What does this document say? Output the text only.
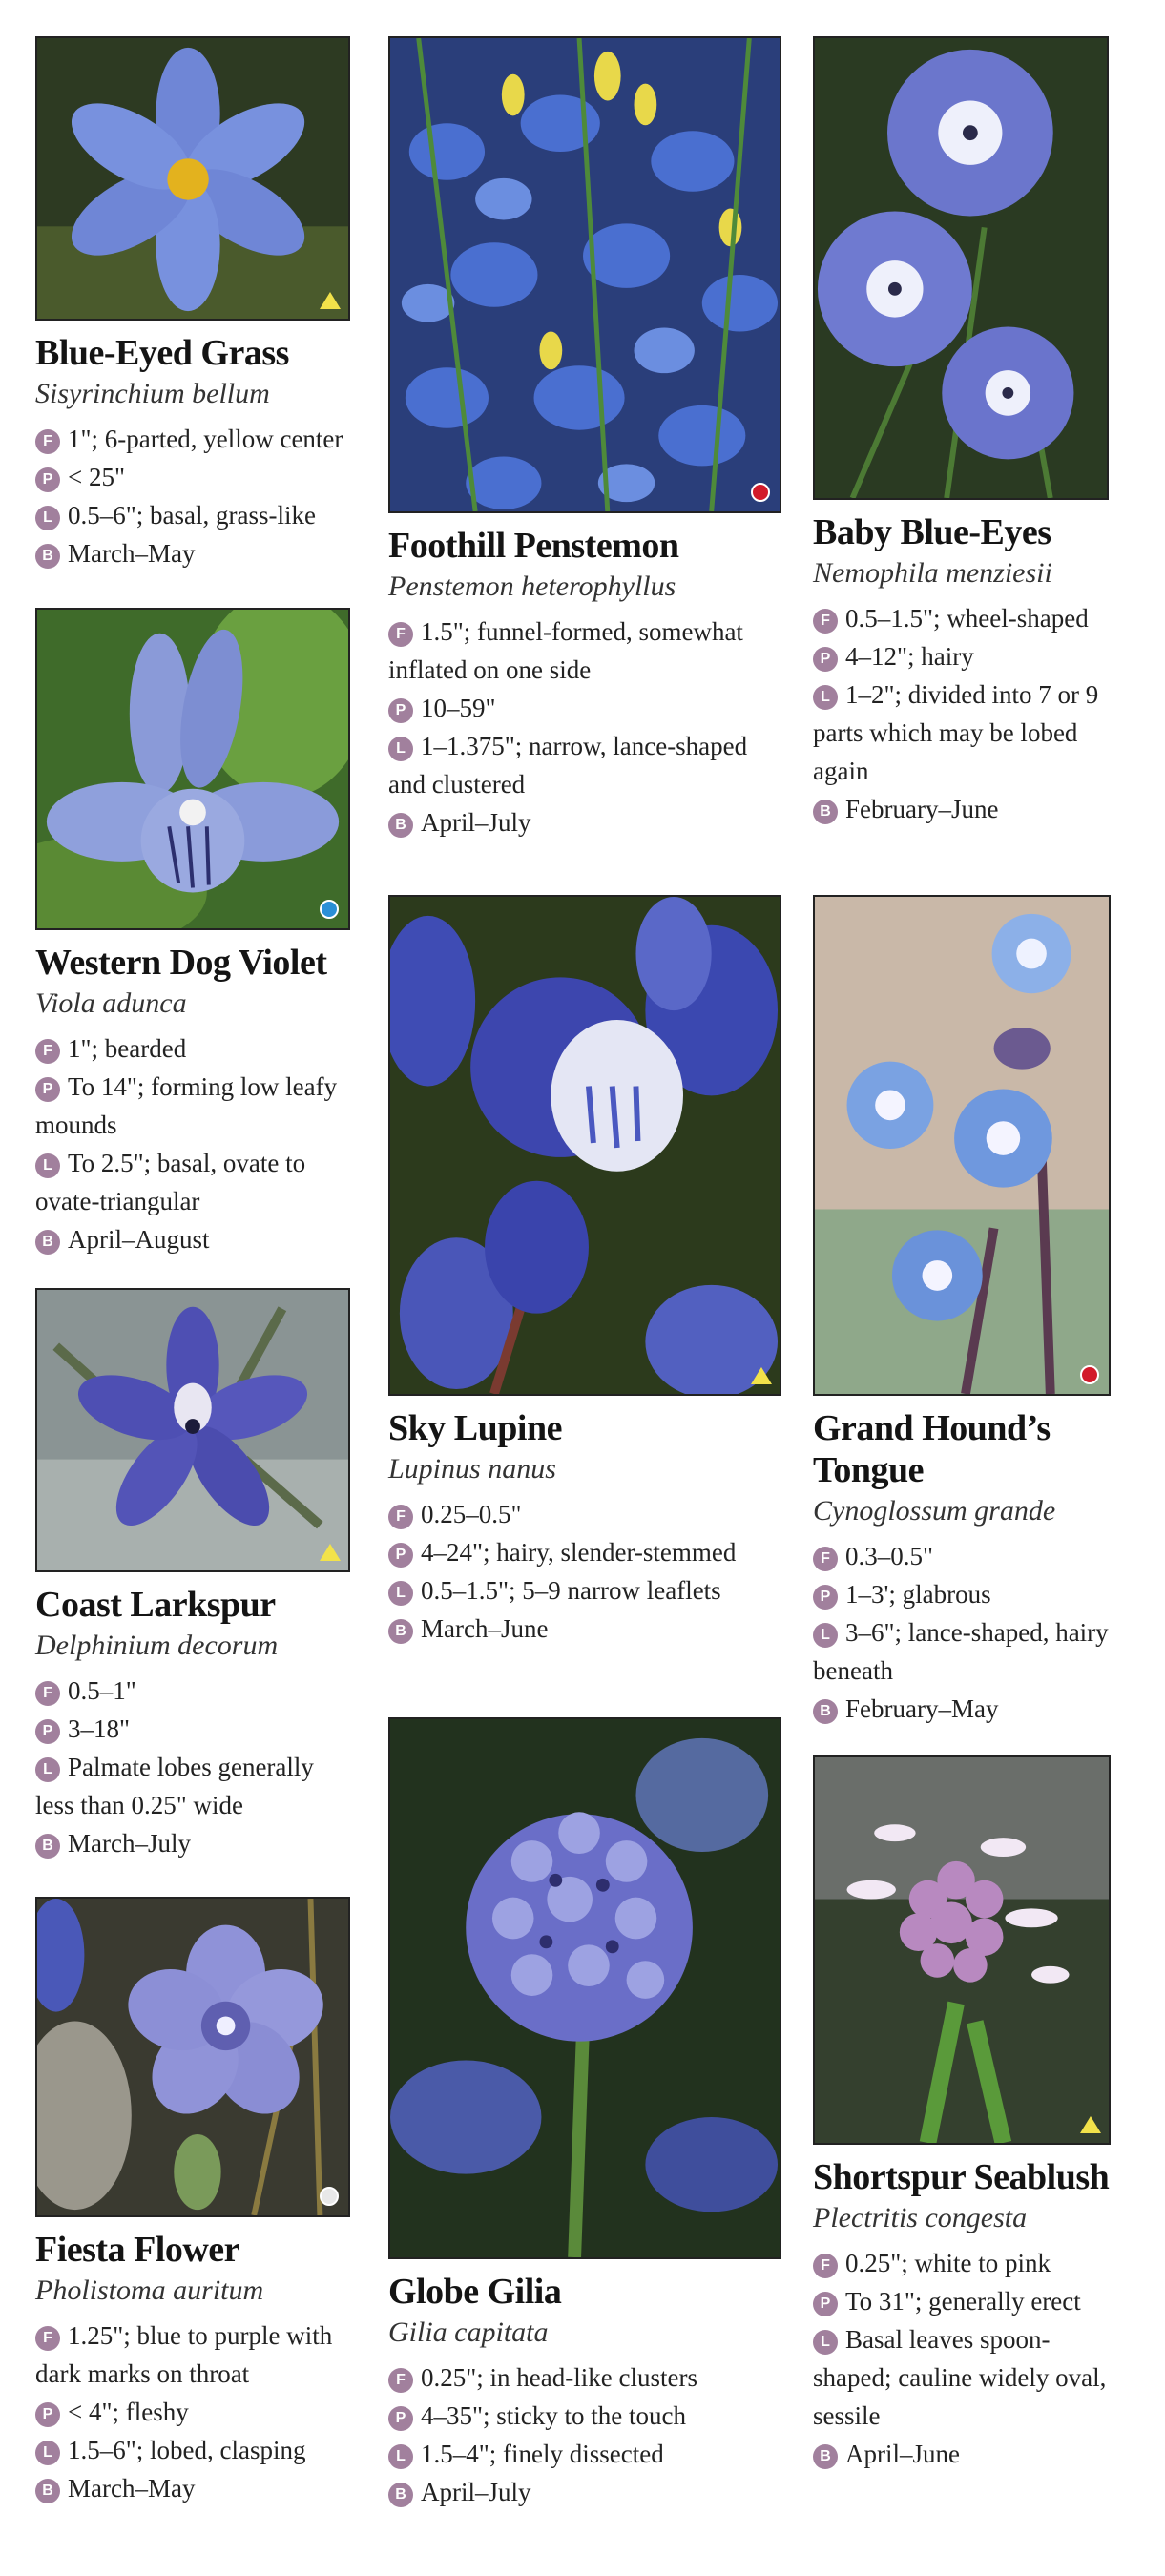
Blue-Eyed Grass
Sisyrinchium bellum
F 1"; 6-parted, yellow center
P < 25"
L 0.5–6"; basal, grass-like
B March–May
Western Dog Violet
Viola adunca
F 1"; bearded
P To 14"; forming low leafy mounds
L To 2.5"; basal, ovate to ovate-triangular
B April–August
Coast Larkspur
Delphinium decorum
F 0.5–1"
P 3–18"
L Palmate lobes generally less than 0.25" wide
B March–July
Fiesta Flower
Pholistoma auritum
F 1.25"; blue to purple with dark marks on throat
P < 4"; fleshy
L 1.5–6"; lobed, clasping
B March–May
Foothill Penstemon
Penstemon heterophyllus
F 1.5"; funnel-formed, somewhat inflated on one side
P 10–59"
L 1–1.375"; narrow, lance-shaped and clustered
B April–July
Sky Lupine
Lupinus nanus
F 0.25–0.5"
P 4–24"; hairy, slender-stemmed
L 0.5–1.5"; 5–9 narrow leaflets
B March–June
Globe Gilia
Gilia capitata
F 0.25"; in head-like clusters
P 4–35"; sticky to the touch
L 1.5–4"; finely dissected
B April–July
Baby Blue-Eyes
Nemophila menziesii
F 0.5–1.5"; wheel-shaped
P 4–12"; hairy
L 1–2"; divided into 7 or 9 parts which may be lobed again
B February–June
Grand Hound’s Tongue
Cynoglossum grande
F 0.3–0.5"
P 1–3'; glabrous
L 3–6"; lance-shaped, hairy beneath
B February–May
Shortspur Seablush
Plectritis congesta
F 0.25"; white to pink
P To 31"; generally erect
L Basal leaves spoon-shaped; cauline widely oval, sessile
B April–June
